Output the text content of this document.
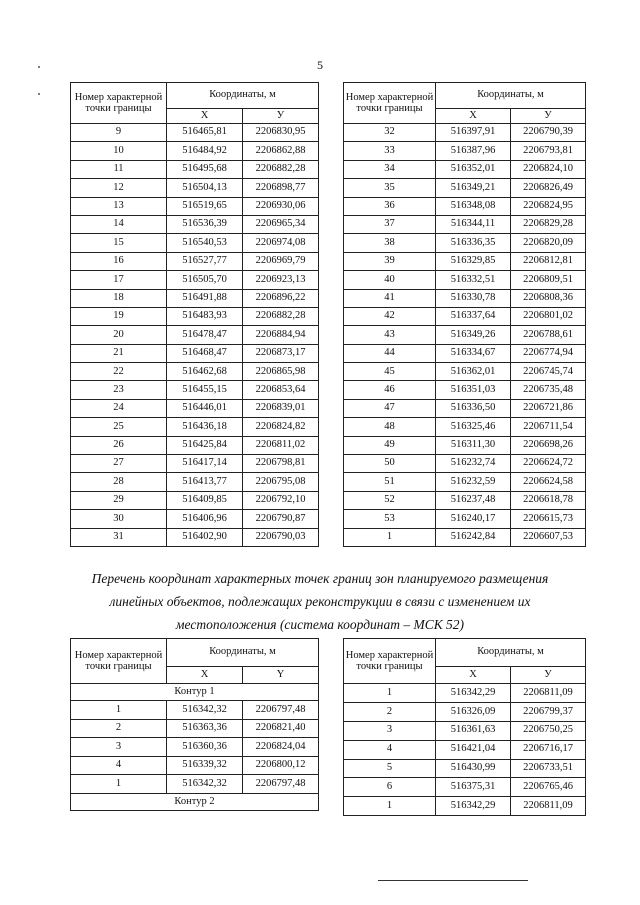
5
Номер характерной точки границы	Координаты, м	
	Х	У
9	516465,81	2206830,95
10	516484,92	2206862,88
11	516495,68	2206882,28
12	516504,13	2206898,77
13	516519,65	2206930,06
14	516536,39	2206965,34
15	516540,53	2206974,08
16	516527,77	2206969,79
17	516505,70	2206923,13
18	516491,88	2206896,22
19	516483,93	2206882,28
20	516478,47	2206884,94
21	516468,47	2206873,17
22	516462,68	2206865,98
23	516455,15	2206853,64
24	516446,01	2206839,01
25	516436,18	2206824,82
26	516425,84	2206811,02
27	516417,14	2206798,81
28	516413,77	2206795,08
29	516409,85	2206792,10
30	516406,96	2206790,87
31	516402,90	2206790,03
Номер характерной точки границы	Координаты, м	
	Х	У
32	516397,91	2206790,39
33	516387,96	2206793,81
34	516352,01	2206824,10
35	516349,21	2206826,49
36	516348,08	2206824,95
37	516344,11	2206829,28
38	516336,35	2206820,09
39	516329,85	2206812,81
40	516332,51	2206809,51
41	516330,78	2206808,36
42	516337,64	2206801,02
43	516349,26	2206788,61
44	516334,67	2206774,94
45	516362,01	2206745,74
46	516351,03	2206735,48
47	516336,50	2206721,86
48	516325,46	2206711,54
49	516311,30	2206698,26
50	516232,74	2206624,72
51	516232,59	2206624,58
52	516237,48	2206618,78
53	516240,17	2206615,73
1	516242,84	2206607,53
Перечень координат характерных точек границ зон планируемого размещения
линейных объектов, подлежащих реконструкции в связи с изменением их
местоположения (система координат – МСК 52)
Номер характерной точки границы	Координаты, м	
	X	Y
Контур 1		
1	516342,32	2206797,48
2	516363,36	2206821,40
3	516360,36	2206824,04
4	516339,32	2206800,12
1	516342,32	2206797,48
Контур 2		
Номер характерной точки границы	Координаты, м	
	Х	У
1	516342,29	2206811,09
2	516326,09	2206799,37
3	516361,63	2206750,25
4	516421,04	2206716,17
5	516430,99	2206733,51
6	516375,31	2206765,46
1	516342,29	2206811,09
